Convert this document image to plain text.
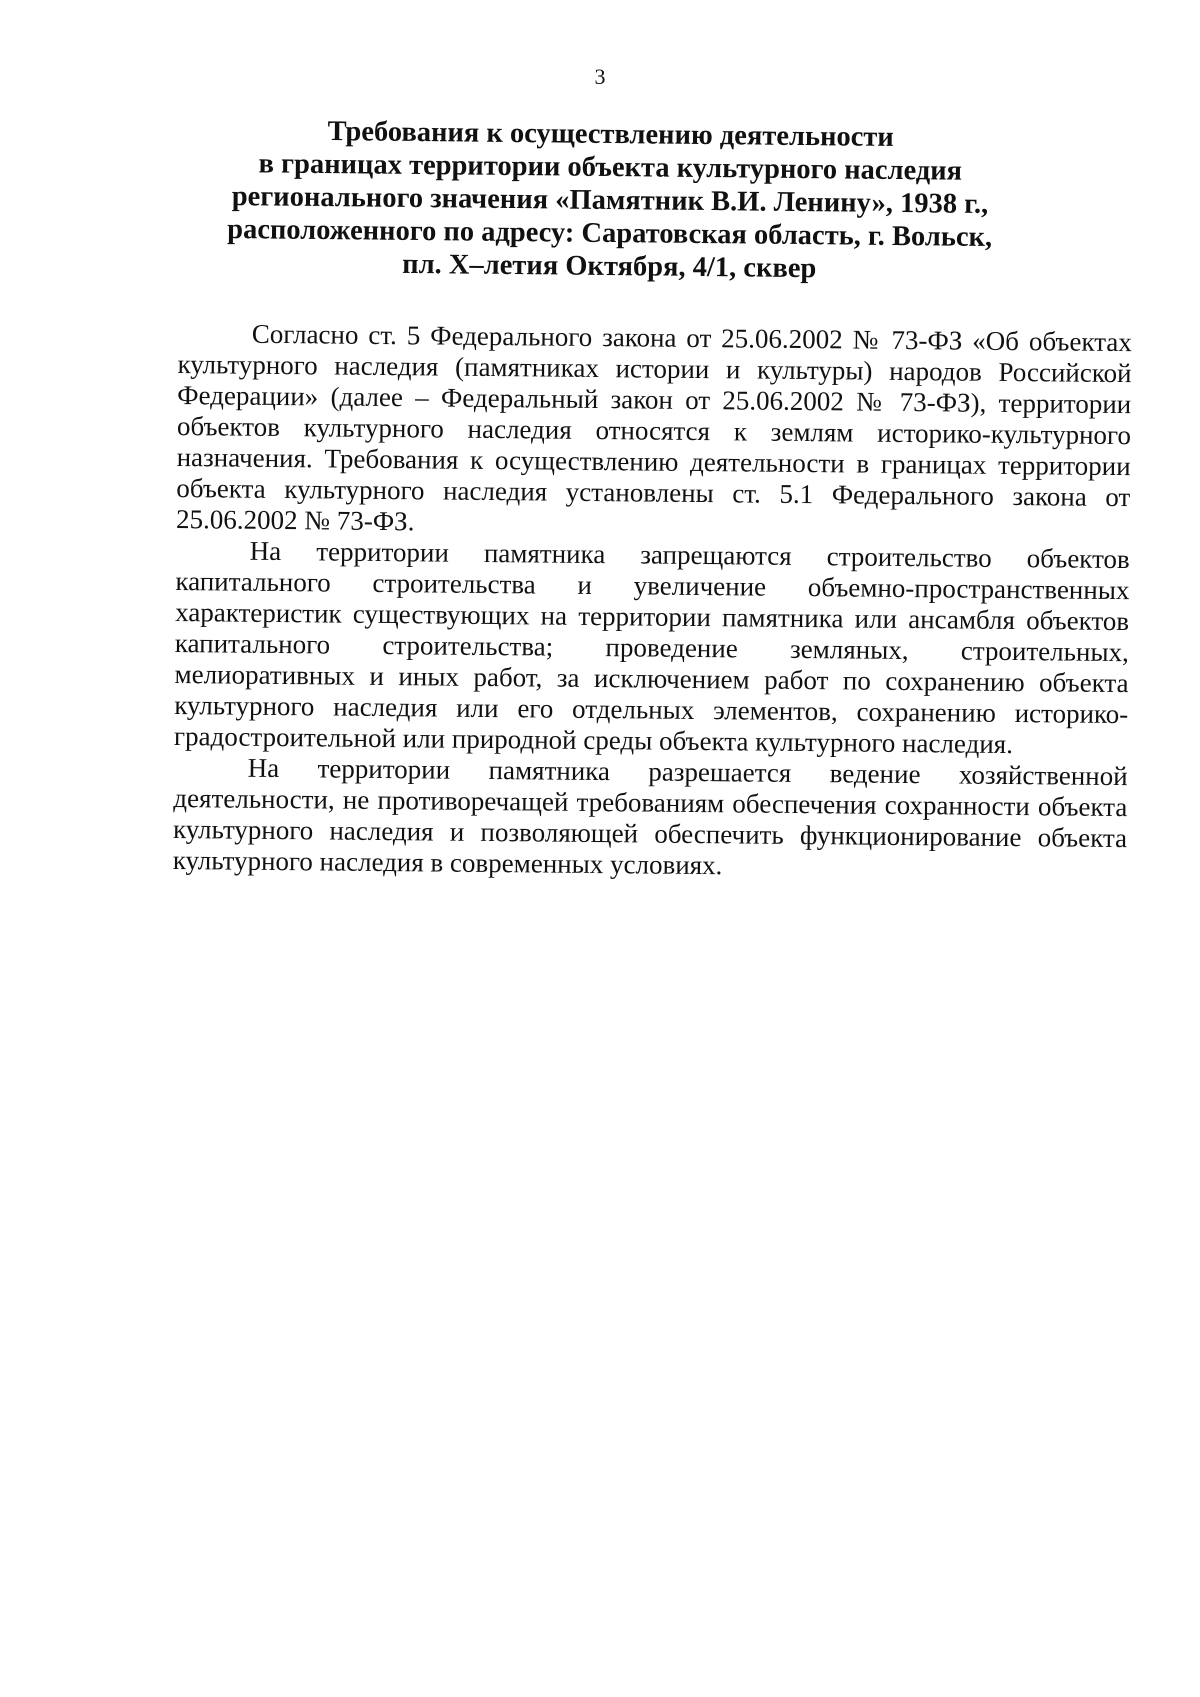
3
Требования к осуществлению деятельности
в границах территории объекта культурного наследия
регионального значения «Памятник В.И. Ленину», 1938 г.,
расположенного по адресу: Саратовская область, г. Вольск,
пл. Х–летия Октября, 4/1, сквер

Согласно ст. 5 Федерального закона от 25.06.2002 № 73-ФЗ «Об объектах культурного наследия (памятниках истории и культуры) народов Российской Федерации» (далее – Федеральный закон от 25.06.2002 № 73-ФЗ), территории объектов культурного наследия относятся к землям историко-культурного назначения. Требования к осуществлению деятельности в границах территории объекта культурного наследия установлены ст. 5.1 Федерального закона от 25.06.2002 № 73-ФЗ.

На территории памятника запрещаются строительство объектов капитального строительства и увеличение объемно-пространственных характеристик существующих на территории памятника или ансамбля объектов капитального строительства; проведение земляных, строительных, мелиоративных и иных работ, за исключением работ по сохранению объекта культурного наследия или его отдельных элементов, сохранению историко-градостроительной или природной среды объекта культурного наследия.

На территории памятника разрешается ведение хозяйственной деятельности, не противоречащей требованиям обеспечения сохранности объекта культурного наследия и позволяющей обеспечить функционирование объекта культурного наследия в современных условиях.
